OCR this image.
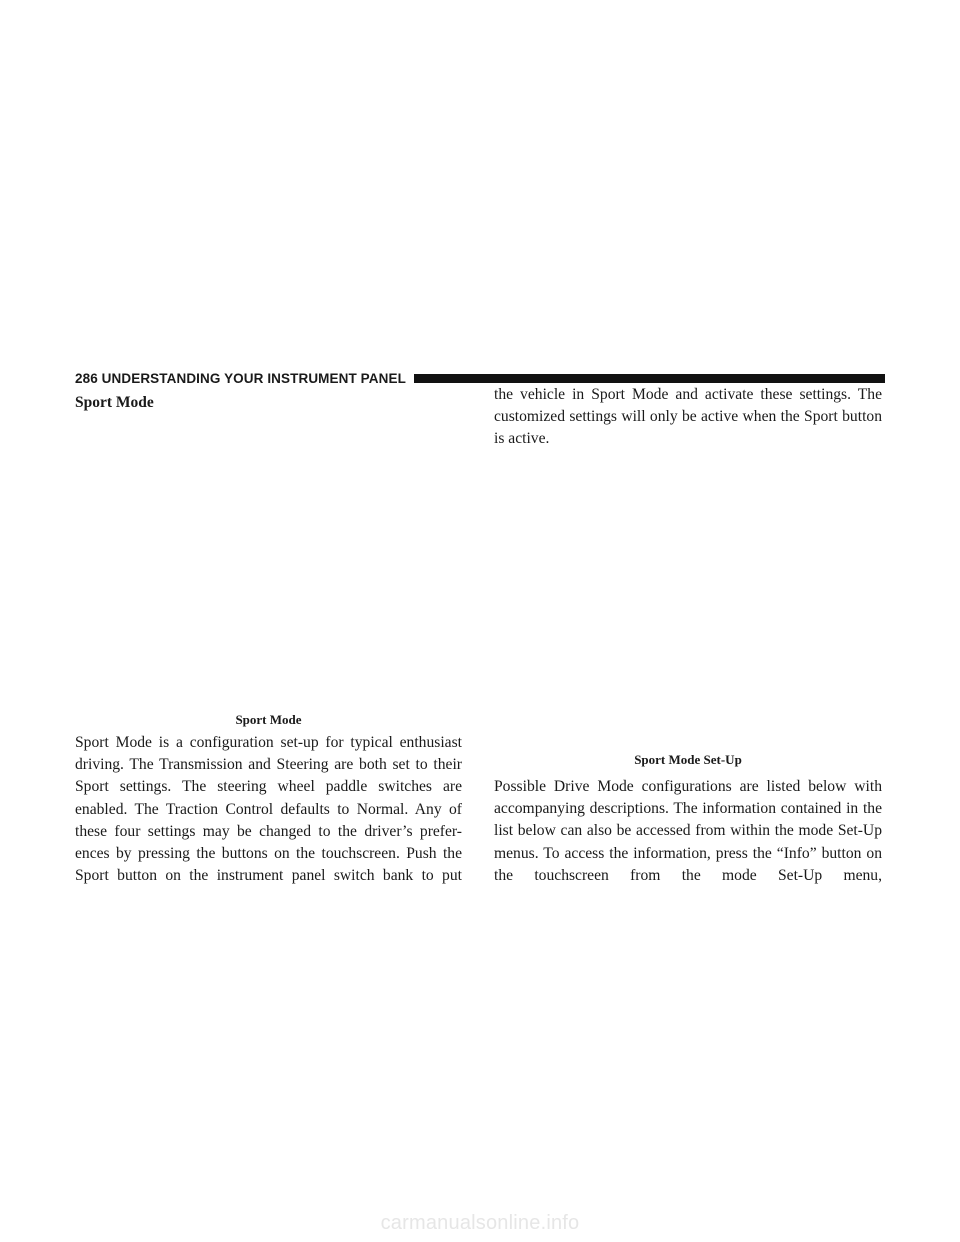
286 UNDERSTANDING YOUR INSTRUMENT PANEL
Sport Mode
Sport Mode

Sport Mode is a configuration set-up for typical enthusiast driving. The Transmission and Steering are both set to their Sport settings. The steering wheel paddle switches are enabled. The Traction Control defaults to Normal. Any of these four settings may be changed to the driver’s prefer-ences by pressing the buttons on the touchscreen. Push the Sport button on the instrument panel switch bank to put

the vehicle in Sport Mode and activate these settings. The customized settings will only be active when the Sport button is active.

Sport Mode Set-Up

Possible Drive Mode configurations are listed below with accompanying descriptions. The information contained in the list below can also be accessed from within the mode Set-Up menus. To access the information, press the “Info” button on the touchscreen from the mode Set-Up menu,

carmanualsonline.info
